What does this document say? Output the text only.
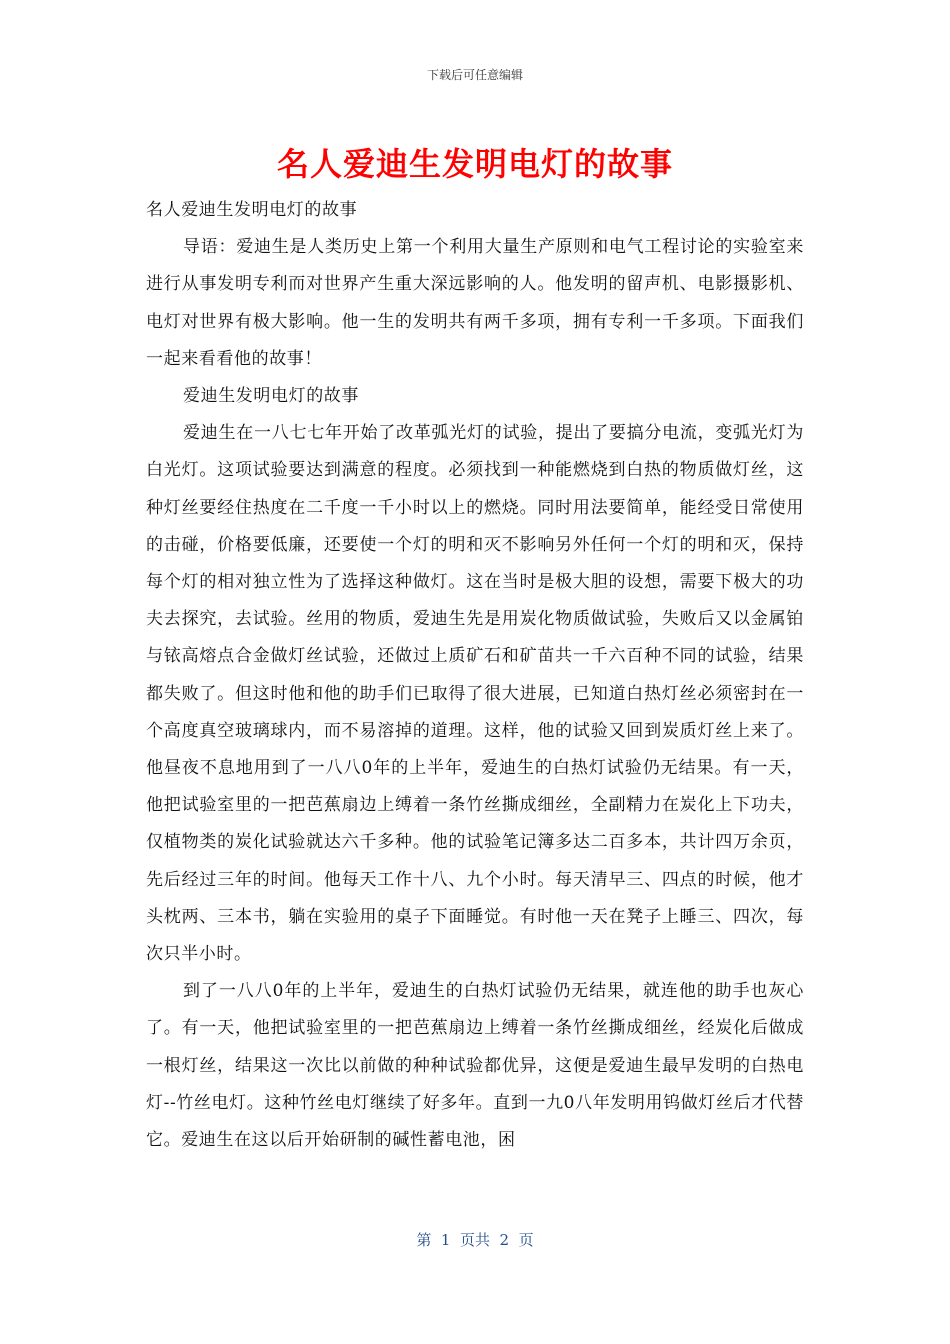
下载后可任意编辑
名人爱迪生发明电灯的故事

名人爱迪生发明电灯的故事

导语：爱迪生是人类历史上第一个利用大量生产原则和电气工程讨论的实验室来进行从事发明专利而对世界产生重大深远影响的人。他发明的留声机、电影摄影机、电灯对世界有极大影响。他一生的发明共有两千多项，拥有专利一千多项。下面我们一起来看看他的故事！

爱迪生发明电灯的故事

爱迪生在一八七七年开始了改革弧光灯的试验，提出了要搞分电流，变弧光灯为白光灯。这项试验要达到满意的程度。必须找到一种能燃烧到白热的物质做灯丝，这种灯丝要经住热度在二千度一千小时以上的燃烧。同时用法要简单，能经受日常使用的击碰，价格要低廉，还要使一个灯的明和灭不影响另外任何一个灯的明和灭，保持每个灯的相对独立性为了选择这种做灯。这在当时是极大胆的设想，需要下极大的功夫去探究，去试验。丝用的物质，爱迪生先是用炭化物质做试验，失败后又以金属铂与铱高熔点合金做灯丝试验，还做过上质矿石和矿苗共一千六百种不同的试验，结果都失败了。但这时他和他的助手们已取得了很大进展，已知道白热灯丝必须密封在一个高度真空玻璃球内，而不易溶掉的道理。这样，他的试验又回到炭质灯丝上来了。他昼夜不息地用到了一八八0年的上半年，爱迪生的白热灯试验仍无结果。有一天，他把试验室里的一把芭蕉扇边上缚着一条竹丝撕成细丝，全副精力在炭化上下功夫，仅植物类的炭化试验就达六千多种。他的试验笔记簿多达二百多本，共计四万余页，先后经过三年的时间。他每天工作十八、九个小时。每天清早三、四点的时候，他才头枕两、三本书，躺在实验用的桌子下面睡觉。有时他一天在凳子上睡三、四次，每次只半小时。

到了一八八0年的上半年，爱迪生的白热灯试验仍无结果，就连他的助手也灰心了。有一天，他把试验室里的一把芭蕉扇边上缚着一条竹丝撕成细丝，经炭化后做成一根灯丝，结果这一次比以前做的种种试验都优异，这便是爱迪生最早发明的白热电灯--竹丝电灯。这种竹丝电灯继续了好多年。直到一九0八年发明用钨做灯丝后才代替它。爱迪生在这以后开始研制的碱性蓄电池，困

第  1  页共  2  页
